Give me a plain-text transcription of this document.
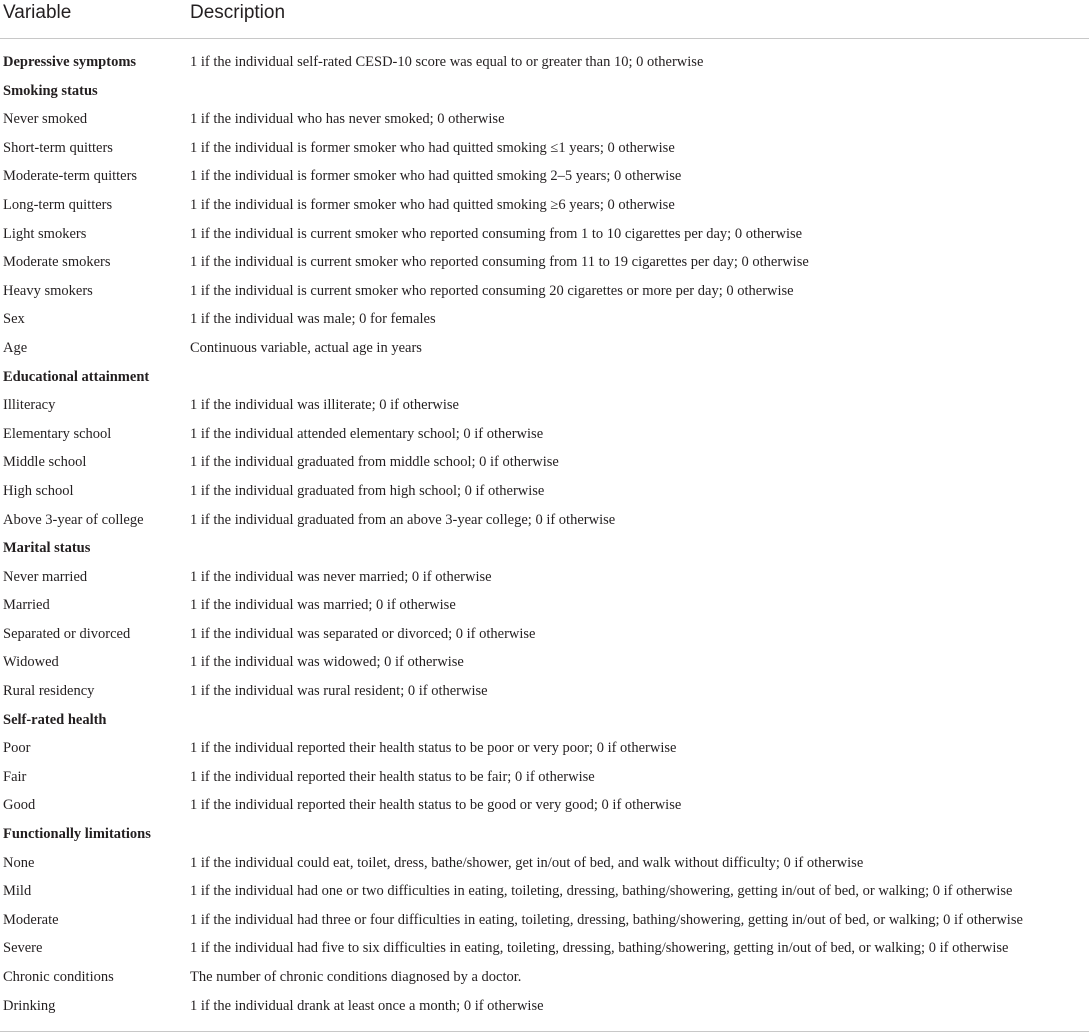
Variable	Description
Depressive symptoms	1 if the individual self-rated CESD-10 score was equal to or greater than 10; 0 otherwise
Smoking status
Never smoked	1 if the individual who has never smoked; 0 otherwise
Short-term quitters	1 if the individual is former smoker who had quitted smoking ≤1 years; 0 otherwise
Moderate-term quitters	1 if the individual is former smoker who had quitted smoking 2–5 years; 0 otherwise
Long-term quitters	1 if the individual is former smoker who had quitted smoking ≥6 years; 0 otherwise
Light smokers	1 if the individual is current smoker who reported consuming from 1 to 10 cigarettes per day; 0 otherwise
Moderate smokers	1 if the individual is current smoker who reported consuming from 11 to 19 cigarettes per day; 0 otherwise
Heavy smokers	1 if the individual is current smoker who reported consuming 20 cigarettes or more per day; 0 otherwise
Sex	1 if the individual was male; 0 for females
Age	Continuous variable, actual age in years
Educational attainment
Illiteracy	1 if the individual was illiterate; 0 if otherwise
Elementary school	1 if the individual attended elementary school; 0 if otherwise
Middle school	1 if the individual graduated from middle school; 0 if otherwise
High school	1 if the individual graduated from high school; 0 if otherwise
Above 3-year of college	1 if the individual graduated from an above 3-year college; 0 if otherwise
Marital status
Never married	1 if the individual was never married; 0 if otherwise
Married	1 if the individual was married; 0 if otherwise
Separated or divorced	1 if the individual was separated or divorced; 0 if otherwise
Widowed	1 if the individual was widowed; 0 if otherwise
Rural residency	1 if the individual was rural resident; 0 if otherwise
Self-rated health
Poor	1 if the individual reported their health status to be poor or very poor; 0 if otherwise
Fair	1 if the individual reported their health status to be fair; 0 if otherwise
Good	1 if the individual reported their health status to be good or very good; 0 if otherwise
Functionally limitations
None	1 if the individual could eat, toilet, dress, bathe/shower, get in/out of bed, and walk without difficulty; 0 if otherwise
Mild	1 if the individual had one or two difficulties in eating, toileting, dressing, bathing/showering, getting in/out of bed, or walking; 0 if otherwise
Moderate	1 if the individual had three or four difficulties in eating, toileting, dressing, bathing/showering, getting in/out of bed, or walking; 0 if otherwise
Severe	1 if the individual had five to six difficulties in eating, toileting, dressing, bathing/showering, getting in/out of bed, or walking; 0 if otherwise
Chronic conditions	The number of chronic conditions diagnosed by a doctor.
Drinking	1 if the individual drank at least once a month; 0 if otherwise
